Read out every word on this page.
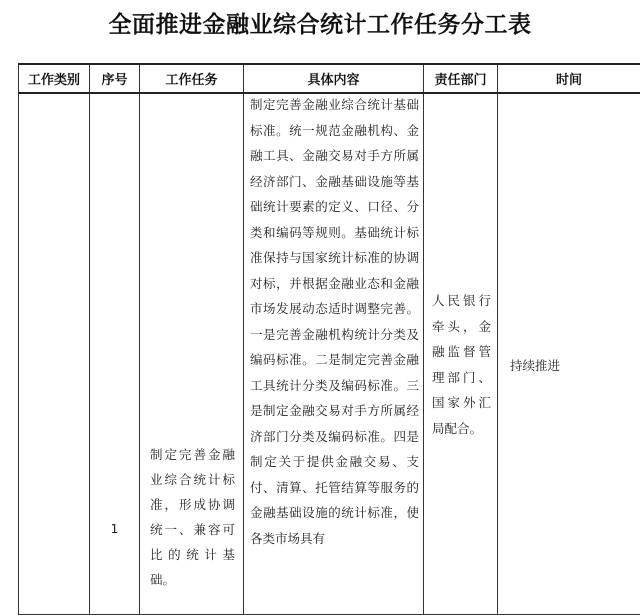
全面推进金融业综合统计工作任务分工表
工作类别	序号	工作任务	具体内容	责任部门	时间

	1	制定完善金融业综合统计标准，形成协调统一、兼容可比的统计基础。	制定完善金融业综合统计基础标准。统一规范金融机构、金融工具、金融交易对手方所属经济部门、金融基础设施等基础统计要素的定义、口径、分类和编码等规则。基础统计标准保持与国家统计标准的协调对标，并根据金融业态和金融市场发展动态适时调整完善。一是完善金融机构统计分类及编码标准。二是制定完善金融工具统计分类及编码标准。三是制定金融交易对手方所属经济部门分类及编码标准。四是制定关于提供金融交易、支付、清算、托管结算等服务的金融基础设施的统计标准，使各类市场具有	人民银行牵头，金融监督管理部门、国家外汇局配合。	持续推进
